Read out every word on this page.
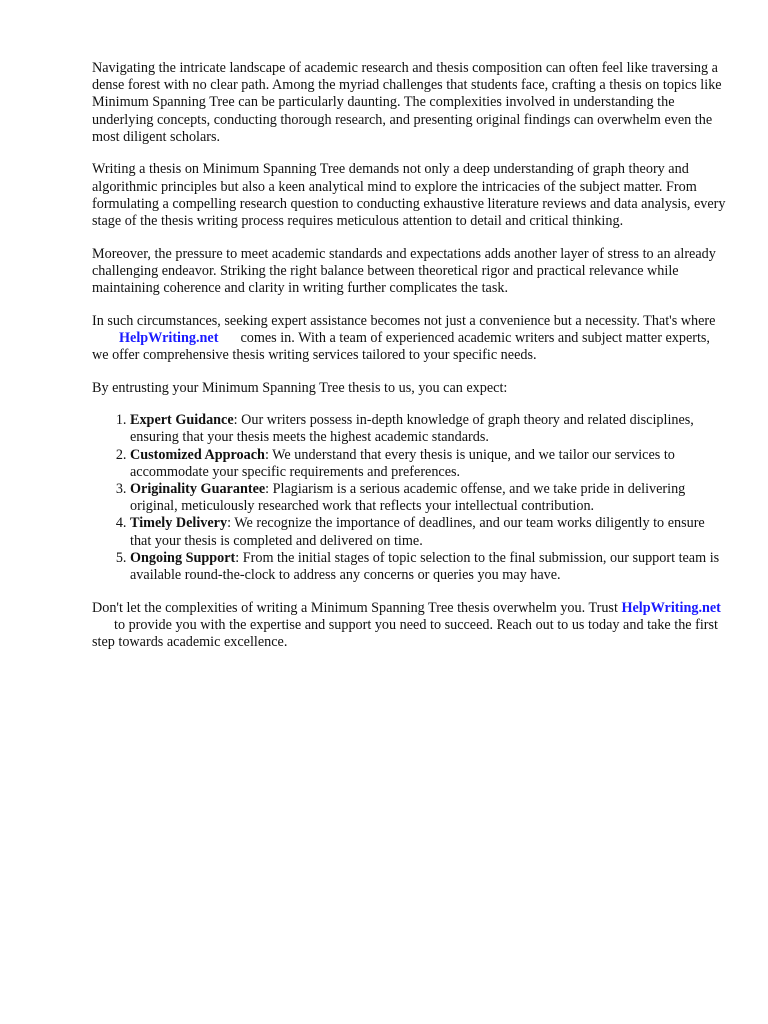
Navigating the intricate landscape of academic research and thesis composition can often feel like traversing a dense forest with no clear path. Among the myriad challenges that students face, crafting a thesis on topics like Minimum Spanning Tree can be particularly daunting. The complexities involved in understanding the underlying concepts, conducting thorough research, and presenting original findings can overwhelm even the most diligent scholars.

Writing a thesis on Minimum Spanning Tree demands not only a deep understanding of graph theory and algorithmic principles but also a keen analytical mind to explore the intricacies of the subject matter. From formulating a compelling research question to conducting exhaustive literature reviews and data analysis, every stage of the thesis writing process requires meticulous attention to detail and critical thinking.

Moreover, the pressure to meet academic standards and expectations adds another layer of stress to an already challenging endeavor. Striking the right balance between theoretical rigor and practical relevance while maintaining coherence and clarity in writing further complicates the task.

In such circumstances, seeking expert assistance becomes not just a convenience but a necessity. That's whereHelpWriting.net comes in. With a team of experienced academic writers and subject matter experts, we offer comprehensive thesis writing services tailored to your specific needs.

By entrusting your Minimum Spanning Tree thesis to us, you can expect:

1. Expert Guidance: Our writers possess in-depth knowledge of graph theory and related disciplines, ensuring that your thesis meets the highest academic standards.
2. Customized Approach: We understand that every thesis is unique, and we tailor our services to accommodate your specific requirements and preferences.
3. Originality Guarantee: Plagiarism is a serious academic offense, and we take pride in delivering original, meticulously researched work that reflects your intellectual contribution.
4. Timely Delivery: We recognize the importance of deadlines, and our team works diligently to ensure that your thesis is completed and delivered on time.
5. Ongoing Support: From the initial stages of topic selection to the final submission, our support team is available round-the-clock to address any concerns or queries you may have.

Don't let the complexities of writing a Minimum Spanning Tree thesis overwhelm you. Trust HelpWriting.netto provide you with the expertise and support you need to succeed. Reach out to us today and take the first step towards academic excellence.
